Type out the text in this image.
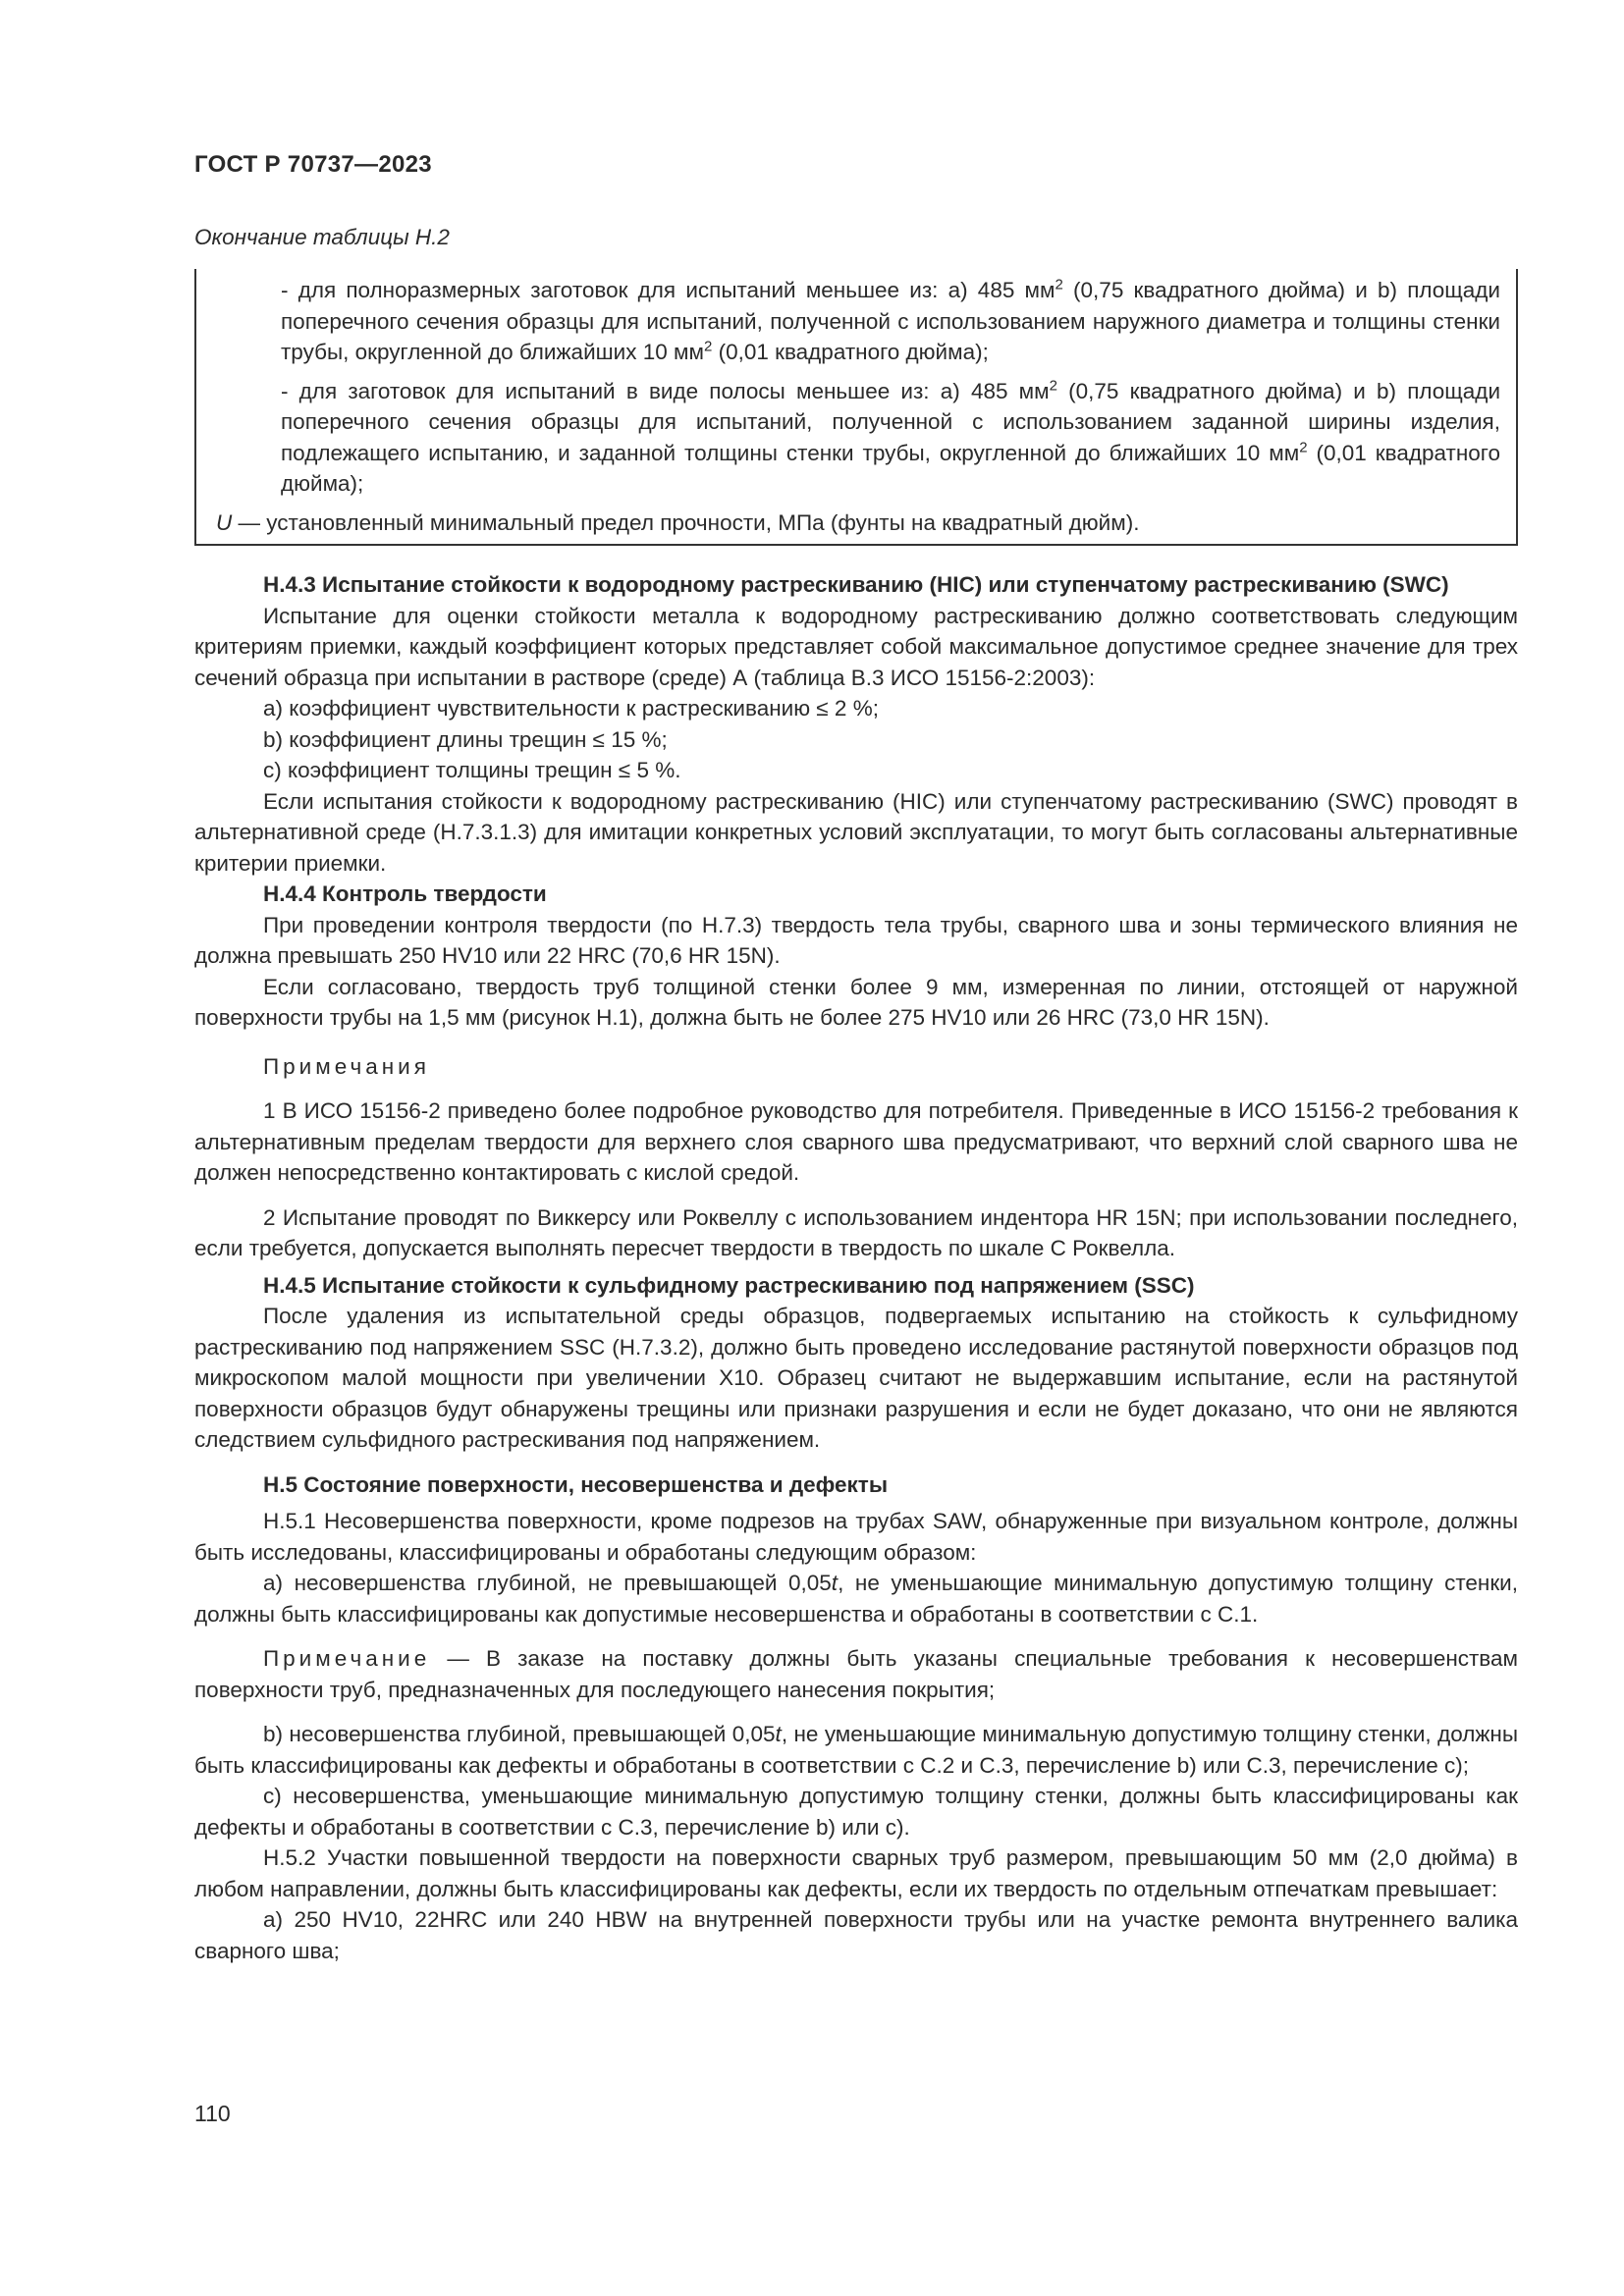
ГОСТ Р 70737—2023
Окончание таблицы Н.2

- для полноразмерных заготовок для испытаний меньшее из: a) 485 $мм^2$ (0,75 квадратного дюйма) и b) площади поперечного сечения образцы для испытаний, полученной с использованием наружного диаметра и толщины стенки трубы, округленной до ближайших 10 $мм^2$ (0,01 квадратного дюйма);

- для заготовок для испытаний в виде полосы меньшее из: a) 485 $мм^2$ (0,75 квадратного дюйма) и b) площади поперечного сечения образцы для испытаний, полученной с использованием заданной ширины изделия, подлежащего испытанию, и заданной толщины стенки трубы, округленной до ближайших 10 $мм^2$ (0,01 квадратного дюйма);

U — установленный минимальный предел прочности, МПа (фунты на квадратный дюйм).

Н.4.3 Испытание стойкости к водородному растрескиванию (HIC) или ступенчатому растрескиванию (SWC)

Испытание для оценки стойкости металла к водородному растрескиванию должно соответствовать следующим критериям приемки, каждый коэффициент которых представляет собой максимальное допустимое среднее значение для трех сечений образца при испытании в растворе (среде) А (таблица В.3 ИСО 15156-2:2003):

a) коэффициент чувствительности к растрескиванию ≤ 2 %;

b) коэффициент длины трещин ≤ 15 %;

c) коэффициент толщины трещин ≤ 5 %.

Если испытания стойкости к водородному растрескиванию (HIC) или ступенчатому растрескиванию (SWC) проводят в альтернативной среде (Н.7.3.1.3) для имитации конкретных условий эксплуатации, то могут быть согласованы альтернативные критерии приемки.

Н.4.4 Контроль твердости

При проведении контроля твердости (по Н.7.3) твердость тела трубы, сварного шва и зоны термического влияния не должна превышать 250 HV10 или 22 HRC (70,6 HR 15N).

Если согласовано, твердость труб толщиной стенки более 9 мм, измеренная по линии, отстоящей от наружной поверхности трубы на 1,5 мм (рисунок Н.1), должна быть не более 275 HV10 или 26 HRC (73,0 HR 15N).

Примечания

1 В ИСО 15156-2 приведено более подробное руководство для потребителя. Приведенные в ИСО 15156-2 требования к альтернативным пределам твердости для верхнего слоя сварного шва предусматривают, что верхний слой сварного шва не должен непосредственно контактировать с кислой средой.

2 Испытание проводят по Виккерсу или Роквеллу с использованием индентора HR 15N; при использовании последнего, если требуется, допускается выполнять пересчет твердости в твердость по шкале С Роквелла.

Н.4.5 Испытание стойкости к сульфидному растрескиванию под напряжением (SSC)

После удаления из испытательной среды образцов, подвергаемых испытанию на стойкость к сульфидному растрескиванию под напряжением SSC (Н.7.3.2), должно быть проведено исследование растянутой поверхности образцов под микроскопом малой мощности при увеличении X10. Образец считают не выдержавшим испытание, если на растянутой поверхности образцов будут обнаружены трещины или признаки разрушения и если не будет доказано, что они не являются следствием сульфидного растрескивания под напряжением.

Н.5 Состояние поверхности, несовершенства и дефекты

Н.5.1 Несовершенства поверхности, кроме подрезов на трубах SAW, обнаруженные при визуальном контроле, должны быть исследованы, классифицированы и обработаны следующим образом:

a) несовершенства глубиной, не превышающей 0,05t, не уменьшающие минимальную допустимую толщину стенки, должны быть классифицированы как допустимые несовершенства и обработаны в соответствии с С.1.

Примечание — В заказе на поставку должны быть указаны специальные требования к несовершенствам поверхности труб, предназначенных для последующего нанесения покрытия;

b) несовершенства глубиной, превышающей 0,05t, не уменьшающие минимальную допустимую толщину стенки, должны быть классифицированы как дефекты и обработаны в соответствии с С.2 и С.3, перечисление b) или С.3, перечисление c);

c) несовершенства, уменьшающие минимальную допустимую толщину стенки, должны быть классифицированы как дефекты и обработаны в соответствии с С.3, перечисление b) или c).

Н.5.2 Участки повышенной твердости на поверхности сварных труб размером, превышающим 50 мм (2,0 дюйма) в любом направлении, должны быть классифицированы как дефекты, если их твердость по отдельным отпечаткам превышает:

a) 250 HV10, 22HRC или 240 HBW на внутренней поверхности трубы или на участке ремонта внутреннего валика сварного шва;

110
